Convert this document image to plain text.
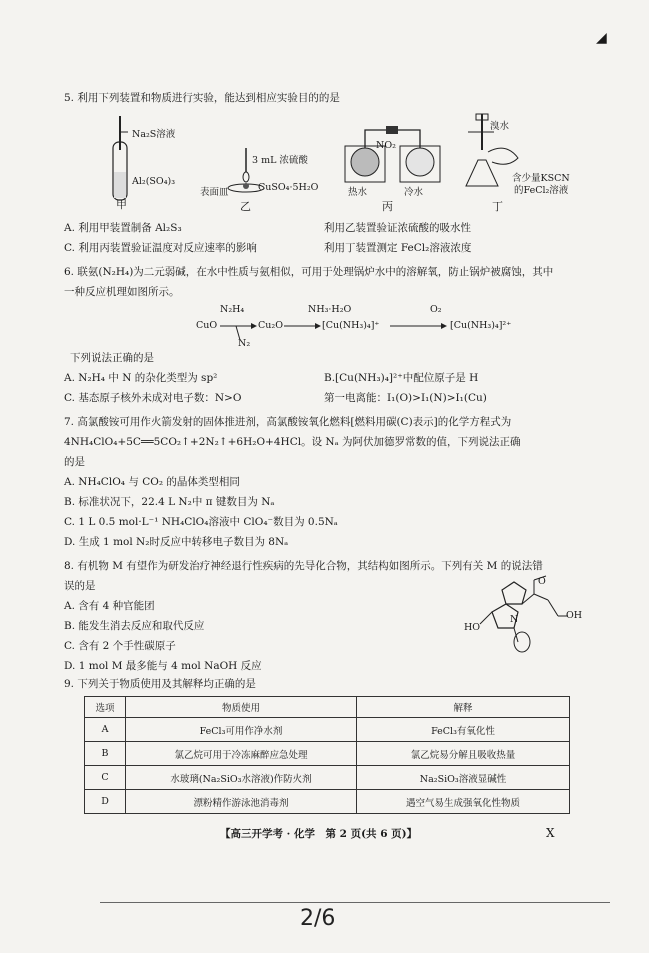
◢
5. 利用下列装置和物质进行实验，能达到相应实验目的的是
Na₂S溶液
Al₂(SO₄)₃
甲
3 mL 浓硫酸
表面皿	CuSO₄·5H₂O
乙
NO₂
热水	冷水
丙
溴水
含少量KSCN
的FeCl₂溶液
丁

A. 利用甲装置制备 Al₂S₃	利用乙装置验证浓硫酸的吸水性

C. 利用丙装置验证温度对反应速率的影响	利用丁装置测定 FeCl₂溶液浓度

6. 联氨(N₂H₄)为二元弱碱，在水中性质与氨相似，可用于处理锅炉水中的溶解氧，防止锅炉被腐蚀，其中

一种反应机理如图所示。

N₂H₄	NH₃·H₂O	O₂
CuO	Cu₂O	[Cu(NH₃)₄]⁺	[Cu(NH₃)₄]²⁺
N₂

下列说法正确的是

A. N₂H₄ 中 N 的杂化类型为 sp²	B.[Cu(NH₃)₄]²⁺中配位原子是 H

C. 基态原子核外未成对电子数：N>O	第一电离能：I₁(O)>I₁(N)>I₁(Cu)

7. 高氯酸铵可用作火箭发射的固体推进剂，高氯酸铵氧化燃料[燃料用碳(C)表示]的化学方程式为

4NH₄ClO₄+5C══5CO₂↑+2N₂↑+6H₂O+4HCl。设 Nₐ 为阿伏加德罗常数的值，下列说法正确

的是

A. NH₄ClO₄ 与 CO₂ 的晶体类型相同

B. 标准状况下，22.4 L N₂中 π 键数目为 Nₐ

C. 1 L 0.5 mol·L⁻¹ NH₄ClO₄溶液中 ClO₄⁻数目为 0.5Nₐ

D. 生成 1 mol N₂时反应中转移电子数目为 8Nₐ

8. 有机物 M 有望作为研发治疗神经退行性疾病的先导化合物，其结构如图所示。下列有关 M 的说法错

误的是

A. 含有 4 种官能团

B. 能发生消去反应和取代反应

C. 含有 2 个手性碳原子

D. 1 mol M 最多能与 4 mol NaOH 反应

O
HO
OH
N
9. 下列关于物质使用及其解释均正确的是
选项	物质使用	解释
A	FeCl₃可用作净水剂	FeCl₃有氧化性
B	氯乙烷可用于冷冻麻醉应急处理	氯乙烷易分解且吸收热量
C	水玻璃(Na₂SiO₃水溶液)作防火剂	Na₂SiO₃溶液显碱性
D	漂粉精作游泳池消毒剂	遇空气易生成强氧化性物质
【高三开学考 · 化学　第 2 页(共 6 页)】	X
2/6
